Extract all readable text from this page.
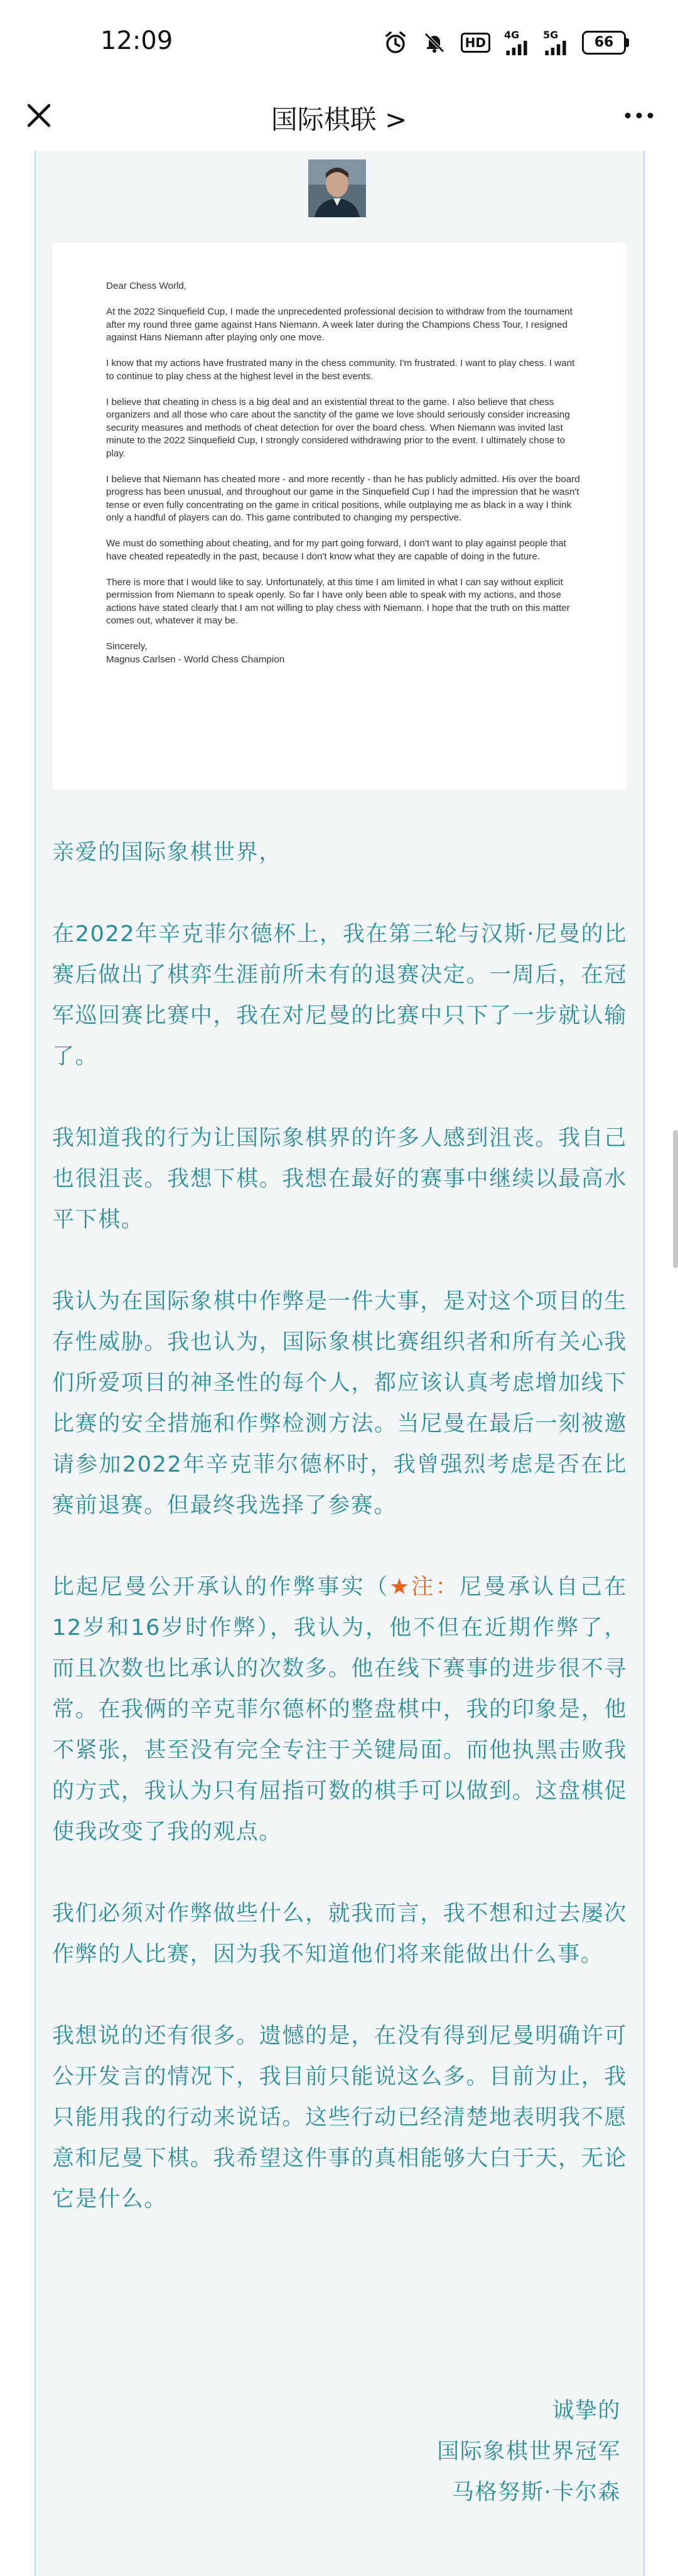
12:09	HD
4G 5G	66
国际棋联 >

Dear Chess World,

At the 2022 Sinquefield Cup, I made the unprecedented professional decision to withdraw from the tournament after my round three game against Hans Niemann. A week later during the Champions Chess Tour, I resigned against Hans Niemann after playing only one move.

I know that my actions have frustrated many in the chess community. I'm frustrated. I want to play chess. I want to continue to play chess at the highest level in the best events.

I believe that cheating in chess is a big deal and an existential threat to the game. I also believe that chess organizers and all those who care about the sanctity of the game we love should seriously consider increasing security measures and methods of cheat detection for over the board chess. When Niemann was invited last minute to the 2022 Sinquefield Cup, I strongly considered withdrawing prior to the event. I ultimately chose to play.

I believe that Niemann has cheated more - and more recently - than he has publicly admitted. His over the board progress has been unusual, and throughout our game in the Sinquefield Cup I had the impression that he wasn't tense or even fully concentrating on the game in critical positions, while outplaying me as black in a way I think only a handful of players can do. This game contributed to changing my perspective.

We must do something about cheating, and for my part going forward, I don't want to play against people that have cheated repeatedly in the past, because I don't know what they are capable of doing in the future.

There is more that I would like to say. Unfortunately, at this time I am limited in what I can say without explicit permission from Niemann to speak openly. So far I have only been able to speak with my actions, and those actions have stated clearly that I am not willing to play chess with Niemann. I hope that the truth on this matter comes out, whatever it may be.

Sincerely,

Magnus Carlsen - World Chess Champion

亲爱的国际象棋世界，

在2022年辛克菲尔德杯上，我在第三轮与汉斯·尼曼的比赛后做出了棋弈生涯前所未有的退赛决定。一周后，在冠军巡回赛比赛中，我在对尼曼的比赛中只下了一步就认输了。

我知道我的行为让国际象棋界的许多人感到沮丧。我自己也很沮丧。我想下棋。我想在最好的赛事中继续以最高水平下棋。

我认为在国际象棋中作弊是一件大事，是对这个项目的生存性威胁。我也认为，国际象棋比赛组织者和所有关心我们所爱项目的神圣性的每个人，都应该认真考虑增加线下比赛的安全措施和作弊检测方法。当尼曼在最后一刻被邀请参加2022年辛克菲尔德杯时，我曾强烈考虑是否在比赛前退赛。但最终我选择了参赛。

比起尼曼公开承认的作弊事实（★注：尼曼承认自己在12岁和16岁时作弊），我认为，他不但在近期作弊了，而且次数也比承认的次数多。他在线下赛事的进步很不寻常。在我俩的辛克菲尔德杯的整盘棋中，我的印象是，他不紧张，甚至没有完全专注于关键局面。而他执黑击败我的方式，我认为只有屈指可数的棋手可以做到。这盘棋促使我改变了我的观点。

我们必须对作弊做些什么，就我而言，我不想和过去屡次作弊的人比赛，因为我不知道他们将来能做出什么事。

我想说的还有很多。遗憾的是，在没有得到尼曼明确许可公开发言的情况下，我目前只能说这么多。目前为止，我只能用我的行动来说话。这些行动已经清楚地表明我不愿意和尼曼下棋。我希望这件事的真相能够大白于天，无论它是什么。

诚挚的
国际象棋世界冠军
马格努斯·卡尔森
